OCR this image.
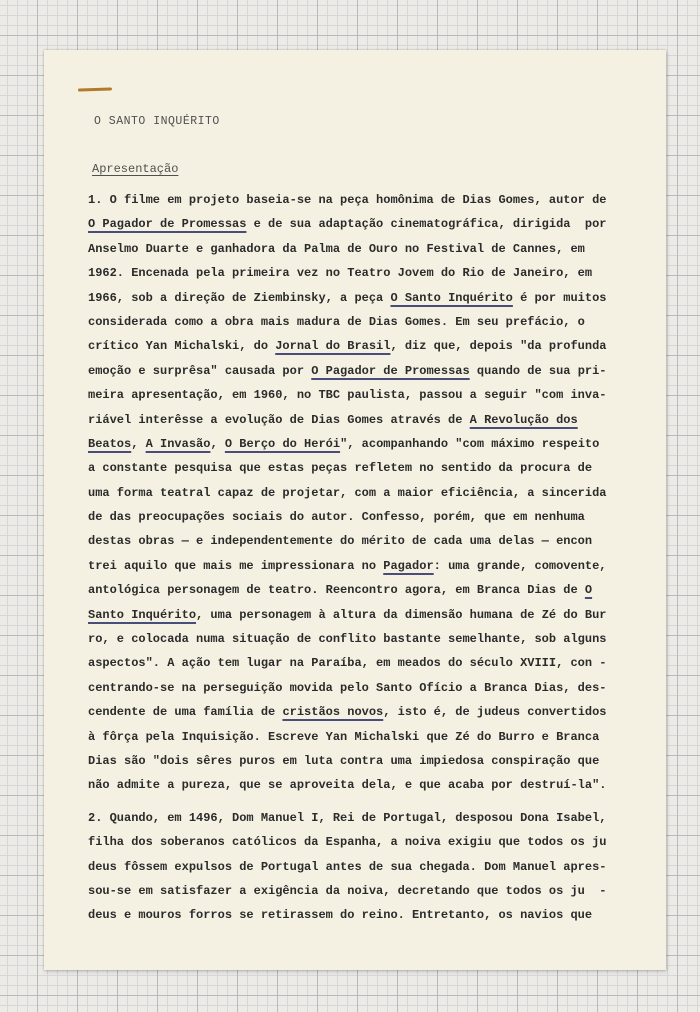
O SANTO INQUÉRITO
Apresentação
1. O filme em projeto baseia-se na peça homônima de Dias Gomes, autor de
O Pagador de Promessas e de sua adaptação cinematográfica, dirigida  por
Anselmo Duarte e ganhadora da Palma de Ouro no Festival de Cannes, em
1962. Encenada pela primeira vez no Teatro Jovem do Rio de Janeiro, em
1966, sob a direção de Ziembinsky, a peça O Santo Inquérito é por muitos
considerada como a obra mais madura de Dias Gomes. Em seu prefácio, o
crítico Yan Michalski, do Jornal do Brasil, diz que, depois "da profunda
emoção e surprêsa" causada por O Pagador de Promessas quando de sua pri-
meira apresentação, em 1960, no TBC paulista, passou a seguir "com inva-
riável interêsse a evolução de Dias Gomes através de A Revolução dos
Beatos, A Invasão, O Berço do Herói", acompanhando "com máximo respeito
a constante pesquisa que estas peças refletem no sentido da procura de
uma forma teatral capaz de projetar, com a maior eficiência, a sincerida
de das preocupações sociais do autor. Confesso, porém, que em nenhuma
destas obras — e independentemente do mérito de cada uma delas — encon
trei aquilo que mais me impressionara no Pagador: uma grande, comovente,
antológica personagem de teatro. Reencontro agora, em Branca Dias de O
Santo Inquérito, uma personagem à altura da dimensão humana de Zé do Bur
ro, e colocada numa situação de conflito bastante semelhante, sob alguns
aspectos". A ação tem lugar na Paraíba, em meados do século XVIII, con -
centrando-se na perseguição movida pelo Santo Ofício a Branca Dias, des-
cendente de uma família de cristãos novos, isto é, de judeus convertidos
à fôrça pela Inquisição. Escreve Yan Michalski que Zé do Burro e Branca
Dias são "dois sêres puros em luta contra uma impiedosa conspiração que
não admite a pureza, que se aproveita dela, e que acaba por destruí-la".
2. Quando, em 1496, Dom Manuel I, Rei de Portugal, desposou Dona Isabel,
filha dos soberanos católicos da Espanha, a noiva exigiu que todos os ju
deus fôssem expulsos de Portugal antes de sua chegada. Dom Manuel apres-
sou-se em satisfazer a exigência da noiva, decretando que todos os ju  -
deus e mouros forros se retirassem do reino. Entretanto, os navios que
